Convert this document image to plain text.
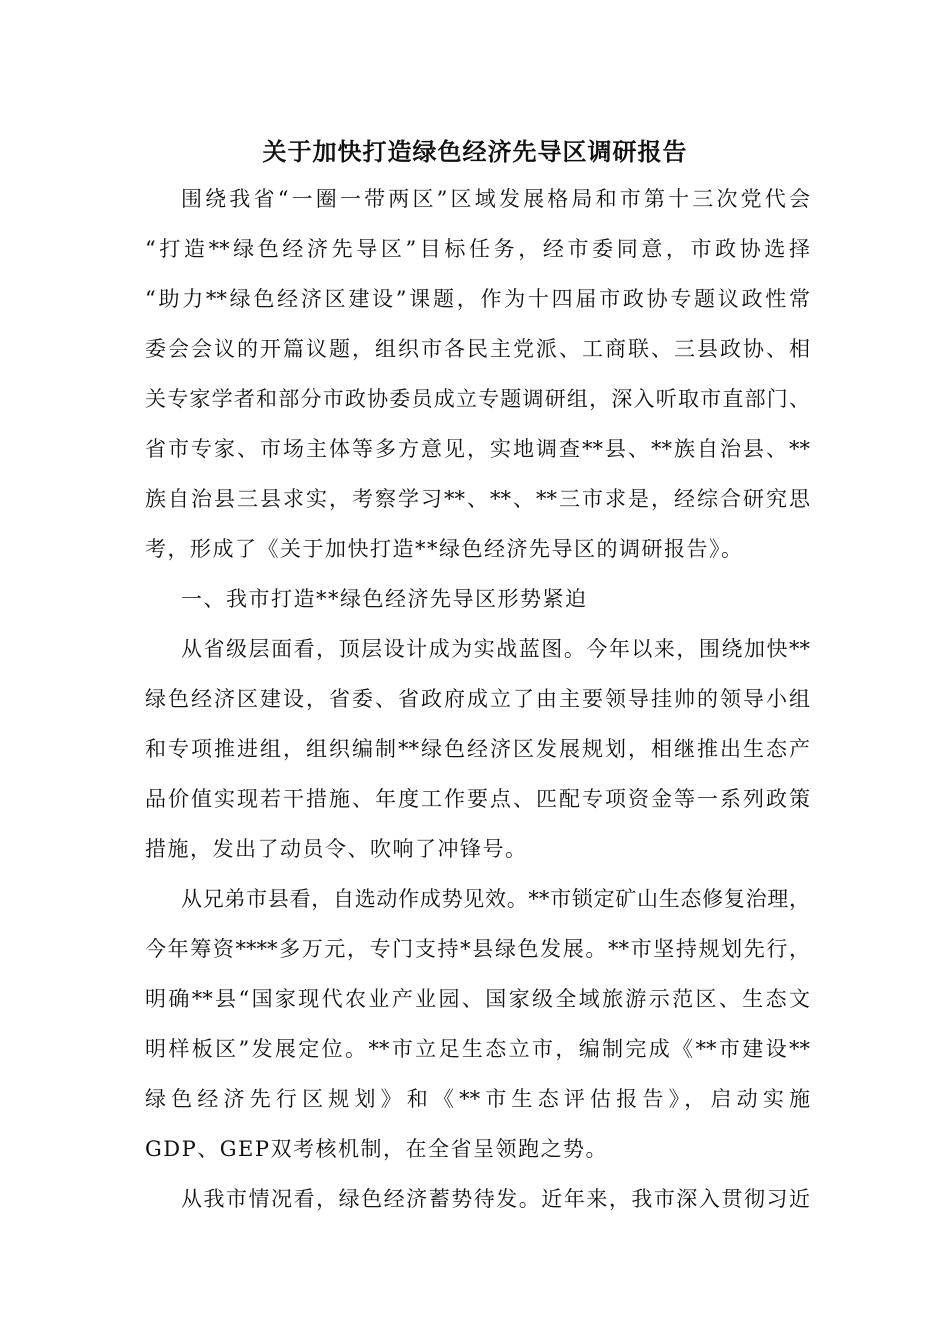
关于加快打造绿色经济先导区调研报告
围绕我省“一圈一带两区”区域发展格局和市第十三次党代会
“打造**绿色经济先导区”目标任务，经市委同意，市政协选择
“助力**绿色经济区建设”课题，作为十四届市政协专题议政性常
委会会议的开篇议题，组织市各民主党派、工商联、三县政协、相
关专家学者和部分市政协委员成立专题调研组，深入听取市直部门、
省市专家、市场主体等多方意见，实地调查**县、**族自治县、**
族自治县三县求实，考察学习**、**、**三市求是，经综合研究思
考，形成了《关于加快打造**绿色经济先导区的调研报告》。
一、我市打造**绿色经济先导区形势紧迫
从省级层面看，顶层设计成为实战蓝图。今年以来，围绕加快**
绿色经济区建设，省委、省政府成立了由主要领导挂帅的领导小组
和专项推进组，组织编制**绿色经济区发展规划，相继推出生态产
品价值实现若干措施、年度工作要点、匹配专项资金等一系列政策
措施，发出了动员令、吹响了冲锋号。
从兄弟市县看，自选动作成势见效。**市锁定矿山生态修复治理，
今年筹资****多万元，专门支持*县绿色发展。**市坚持规划先行，
明确**县“国家现代农业产业园、国家级全域旅游示范区、生态文
明样板区”发展定位。**市立足生态立市，编制完成《**市建设**
绿色经济先行区规划》和《**市生态评估报告》，启动实施
GDP、GEP双考核机制，在全省呈领跑之势。
从我市情况看，绿色经济蓄势待发。近年来，我市深入贯彻习近
